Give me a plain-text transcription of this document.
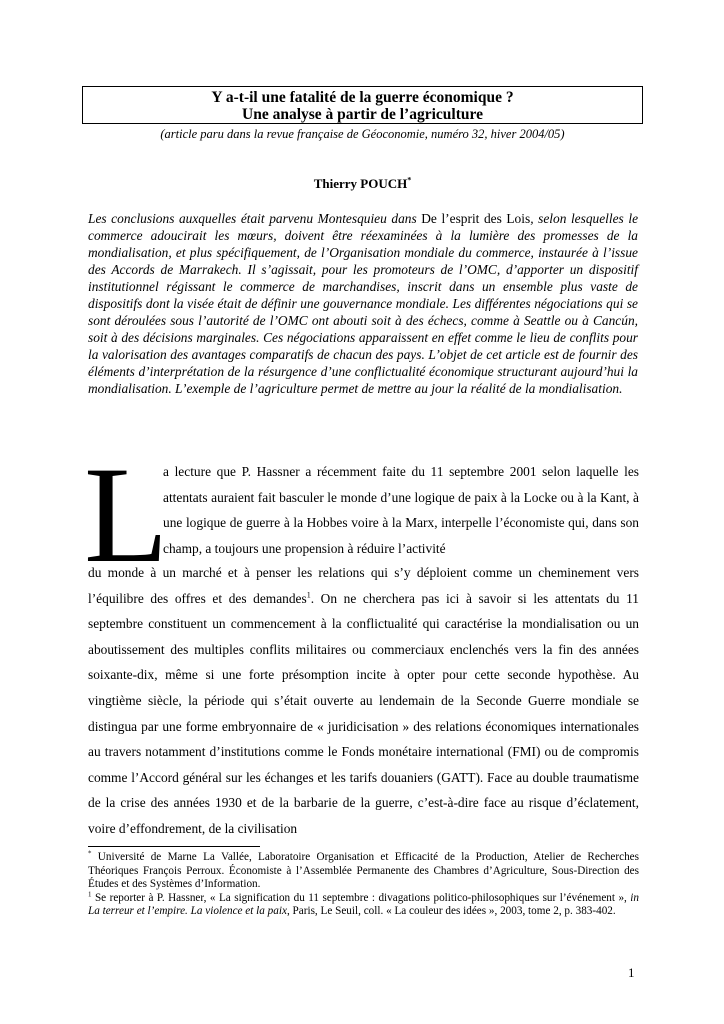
Y a-t-il une fatalité de la guerre économique ?
Une analyse à partir de l’agriculture
(article paru dans la revue française de Géoconomie, numéro 32, hiver 2004/05)
Thierry POUCH*
Les conclusions auxquelles était parvenu Montesquieu dans De l’esprit des Lois, selon lesquelles le commerce adoucirait les mœurs, doivent être réexaminées à la lumière des promesses de la mondialisation, et plus spécifiquement, de l’Organisation mondiale du commerce, instaurée à l’issue des Accords de Marrakech. Il s’agissait, pour les promoteurs de l’OMC, d’apporter un dispositif institutionnel régissant le commerce de marchandises, inscrit dans un ensemble plus vaste de dispositifs dont la visée était de définir une gouvernance mondiale. Les différentes négociations qui se sont déroulées sous l’autorité de l’OMC ont abouti soit à des échecs, comme à Seattle ou à Cancún, soit à des décisions marginales. Ces négociations apparaissent en effet comme le lieu de conflits pour la valorisation des avantages comparatifs de chacun des pays. L’objet de cet article est de fournir des éléments d’interprétation de la résurgence d’une conflictualité économique structurant aujourd’hui la mondialisation. L’exemple de l’agriculture permet de mettre au jour la réalité de la mondialisation.
L
a lecture que P. Hassner a récemment faite du 11 septembre 2001 selon laquelle les attentats auraient fait basculer le monde d’une logique de paix à la Locke ou à la Kant, à une logique de guerre à la Hobbes voire à la Marx, interpelle l’économiste qui, dans son champ, a toujours une propension à réduire l’activité
du monde à un marché et à penser les relations qui s’y déploient comme un cheminement vers l’équilibre des offres et des demandes$^1$. On ne cherchera pas ici à savoir si les attentats du 11 septembre constituent un commencement à la conflictualité qui caractérise la mondialisation ou un aboutissement des multiples conflits militaires ou commerciaux enclenchés vers la fin des années soixante-dix, même si une forte présomption incite à opter pour cette seconde hypothèse. Au vingtième siècle, la période qui s’était ouverte au lendemain de la Seconde Guerre mondiale se distingua par une forme embryonnaire de « juridicisation » des relations économiques internationales au travers notamment d’institutions comme le Fonds monétaire international (FMI) ou de compromis comme l’Accord général sur les échanges et les tarifs douaniers (GATT). Face au double traumatisme de la crise des années 1930 et de la barbarie de la guerre, c’est-à-dire face au risque d’éclatement, voire d’effondrement, de la civilisation

* Université de Marne La Vallée, Laboratoire Organisation et Efficacité de la Production, Atelier de Recherches Théoriques François Perroux. Économiste à l’Assemblée Permanente des Chambres d’Agriculture, Sous-Direction des Études et des Systèmes d’Information.

$^1$ Se reporter à P. Hassner, « La signification du 11 septembre : divagations politico-philosophiques sur l’événement », in La terreur et l’empire. La violence et la paix, Paris, Le Seuil, coll. « La couleur des idées », 2003, tome 2, p. 383-402.

1
